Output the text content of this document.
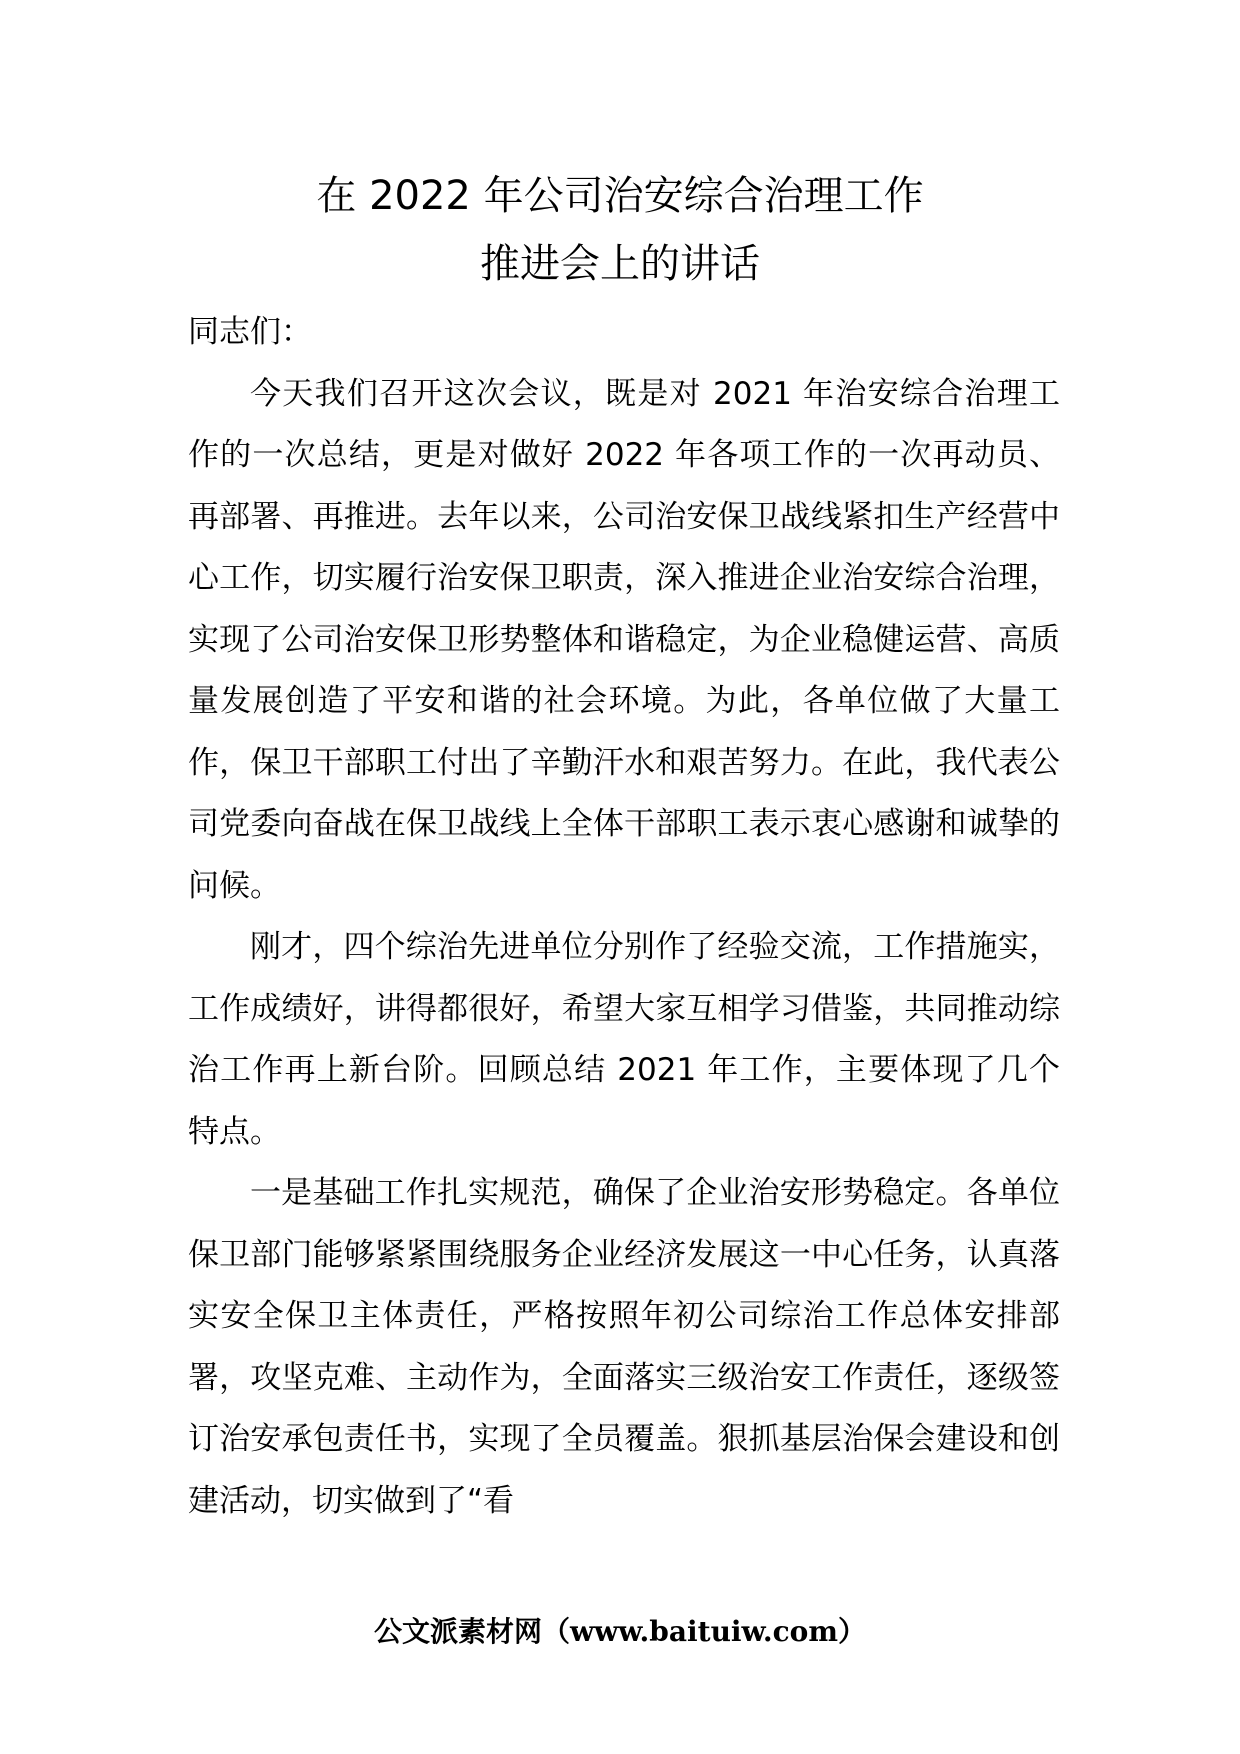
在 2022 年公司治安综合治理工作
推进会上的讲话

同志们：

今天我们召开这次会议，既是对 2021 年治安综合治理工作的一次总结，更是对做好 2022 年各项工作的一次再动员、再部署、再推进。去年以来，公司治安保卫战线紧扣生产经营中心工作，切实履行治安保卫职责，深入推进企业治安综合治理，实现了公司治安保卫形势整体和谐稳定，为企业稳健运营、高质量发展创造了平安和谐的社会环境。为此，各单位做了大量工作，保卫干部职工付出了辛勤汗水和艰苦努力。在此，我代表公司党委向奋战在保卫战线上全体干部职工表示衷心感谢和诚挚的问候。

刚才，四个综治先进单位分别作了经验交流，工作措施实，工作成绩好，讲得都很好，希望大家互相学习借鉴，共同推动综治工作再上新台阶。回顾总结 2021 年工作，主要体现了几个特点。

一是基础工作扎实规范，确保了企业治安形势稳定。各单位保卫部门能够紧紧围绕服务企业经济发展这一中心任务，认真落实安全保卫主体责任，严格按照年初公司综治工作总体安排部署，攻坚克难、主动作为，全面落实三级治安工作责任，逐级签订治安承包责任书，实现了全员覆盖。狠抓基层治保会建设和创建活动，切实做到了“看

公文派素材网（www.baituiw.com）
